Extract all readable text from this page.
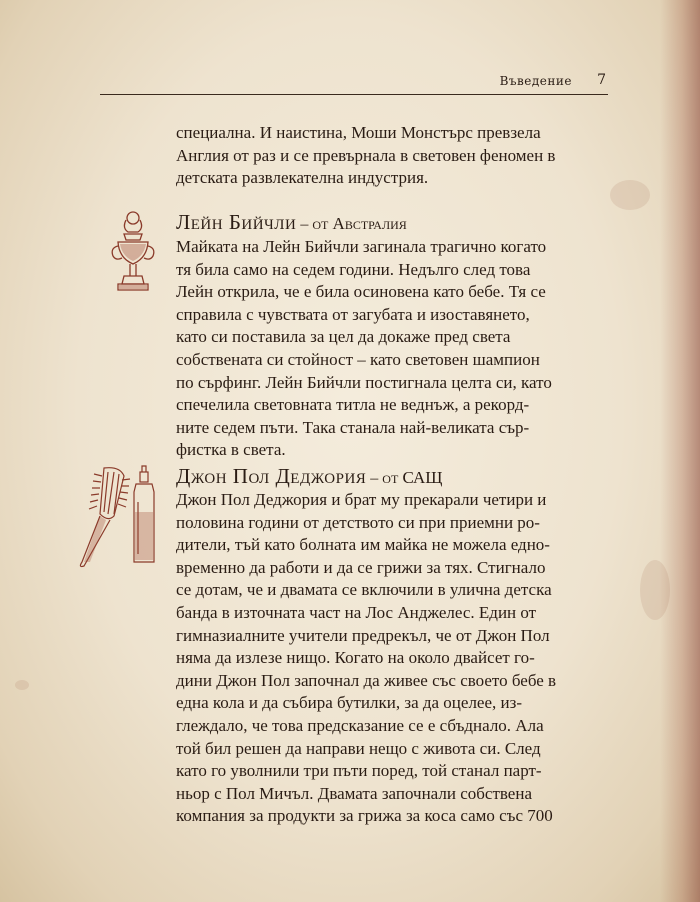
Въведение 7

специална. И наистина, Моши Монстърс превзела
Англия от раз и се превърнала в световен феномен в
детската развлекателна индустрия.

Лейн Бийчли – от Австралия

Майката на Лейн Бийчли загинала трагично когато
тя била само на седем години. Недълго след това
Лейн открила, че е била осиновена като бебе. Тя се
справила с чувствата от загубата и изоставянето,
като си поставила за цел да докаже пред света
собствената си стойност – като световен шампион
по сърфинг. Лейн Бийчли постигнала целта си, като
спечелила световната титла не веднъж, а рекорд-
ните седем пъти. Така станала най-великата сър-
фистка в света.

Джон Пол Деджория – от САЩ

Джон Пол Деджория и брат му прекарали четири и
половина години от детството си при приемни ро-
дители, тъй като болната им майка не можела едно-
временно да работи и да се грижи за тях. Стигнало
се дотам, че и двамата се включили в улична детска
банда в източната част на Лос Анджелес. Един от
гимназиалните учители предрекъл, че от Джон Пол
няма да излезе нищо. Когато на около двайсет го-
дини Джон Пол започнал да живее със своето бебе в
една кола и да събира бутилки, за да оцелее, из-
глеждало, че това предсказание се е сбъднало. Ала
той бил решен да направи нещо с живота си. След
като го уволнили три пъти поред, той станал парт-
ньор с Пол Мичъл. Двамата започнали собствена
компания за продукти за грижа за коса само със 700
